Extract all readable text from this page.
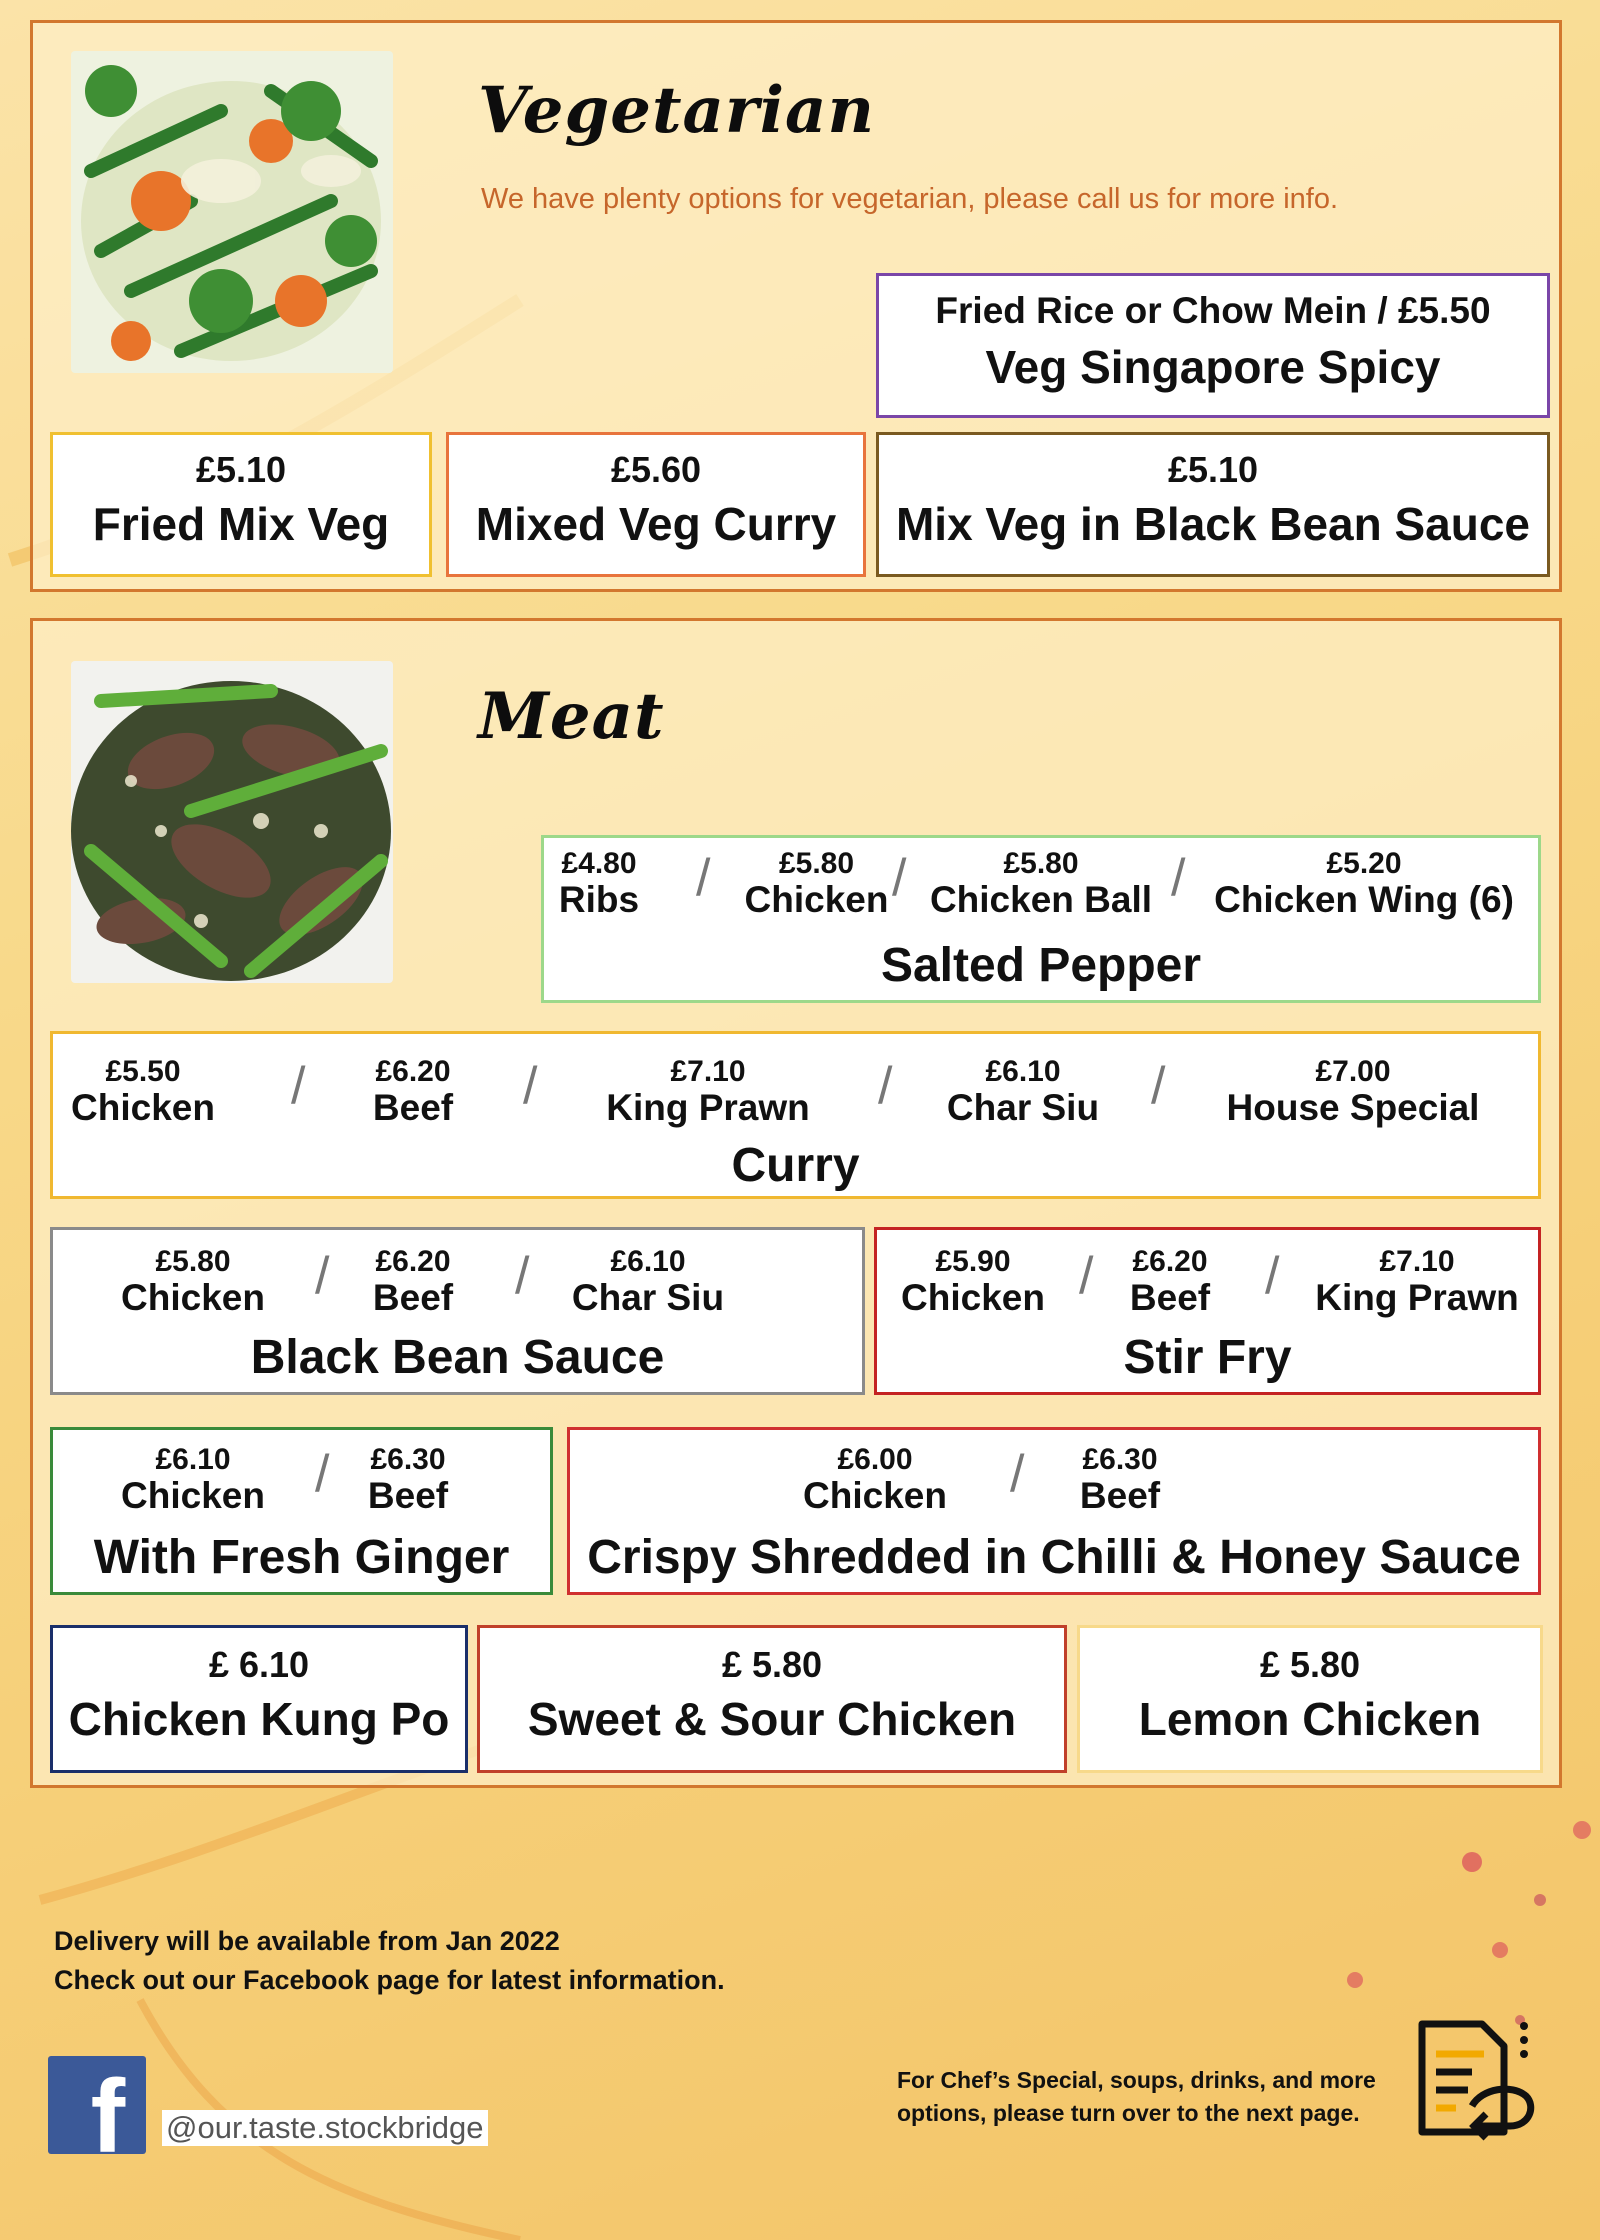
Vegetarian
We have plenty options for vegetarian, please call us for more info.
Fried Rice or Chow Mein / £5.50
Veg Singapore Spicy
£5.10
Fried Mix Veg
£5.60
Mixed Veg Curry
£5.10
Mix Veg in Black Bean Sauce
Meat
£4.80
Ribs /	£5.80
Chicken /	£5.80
Chicken Ball /	£5.20
Chicken Wing (6)
Salted Pepper
£5.50
Chicken /	£6.20
Beef /	£7.10
King Prawn /	£6.10
Char Siu /	£7.00
House Special
Curry
£5.80
Chicken /	£6.20
Beef /	£6.10
Char Siu
Black Bean Sauce
£5.90
Chicken /	£6.20
Beef /	£7.10
King Prawn
Stir Fry
£6.10
Chicken /	£6.30
Beef
With Fresh Ginger
£6.00
Chicken /	£6.30
Beef
Crispy Shredded in Chilli & Honey Sauce
£ 6.10
Chicken Kung Po
£ 5.80
Sweet & Sour Chicken
£ 5.80
Lemon Chicken
Delivery will be available from Jan 2022
Check out our Facebook page for latest information.
f @our.taste.stockbridge
For Chef’s Special, soups, drinks, and more
options, please turn over to the next page.
